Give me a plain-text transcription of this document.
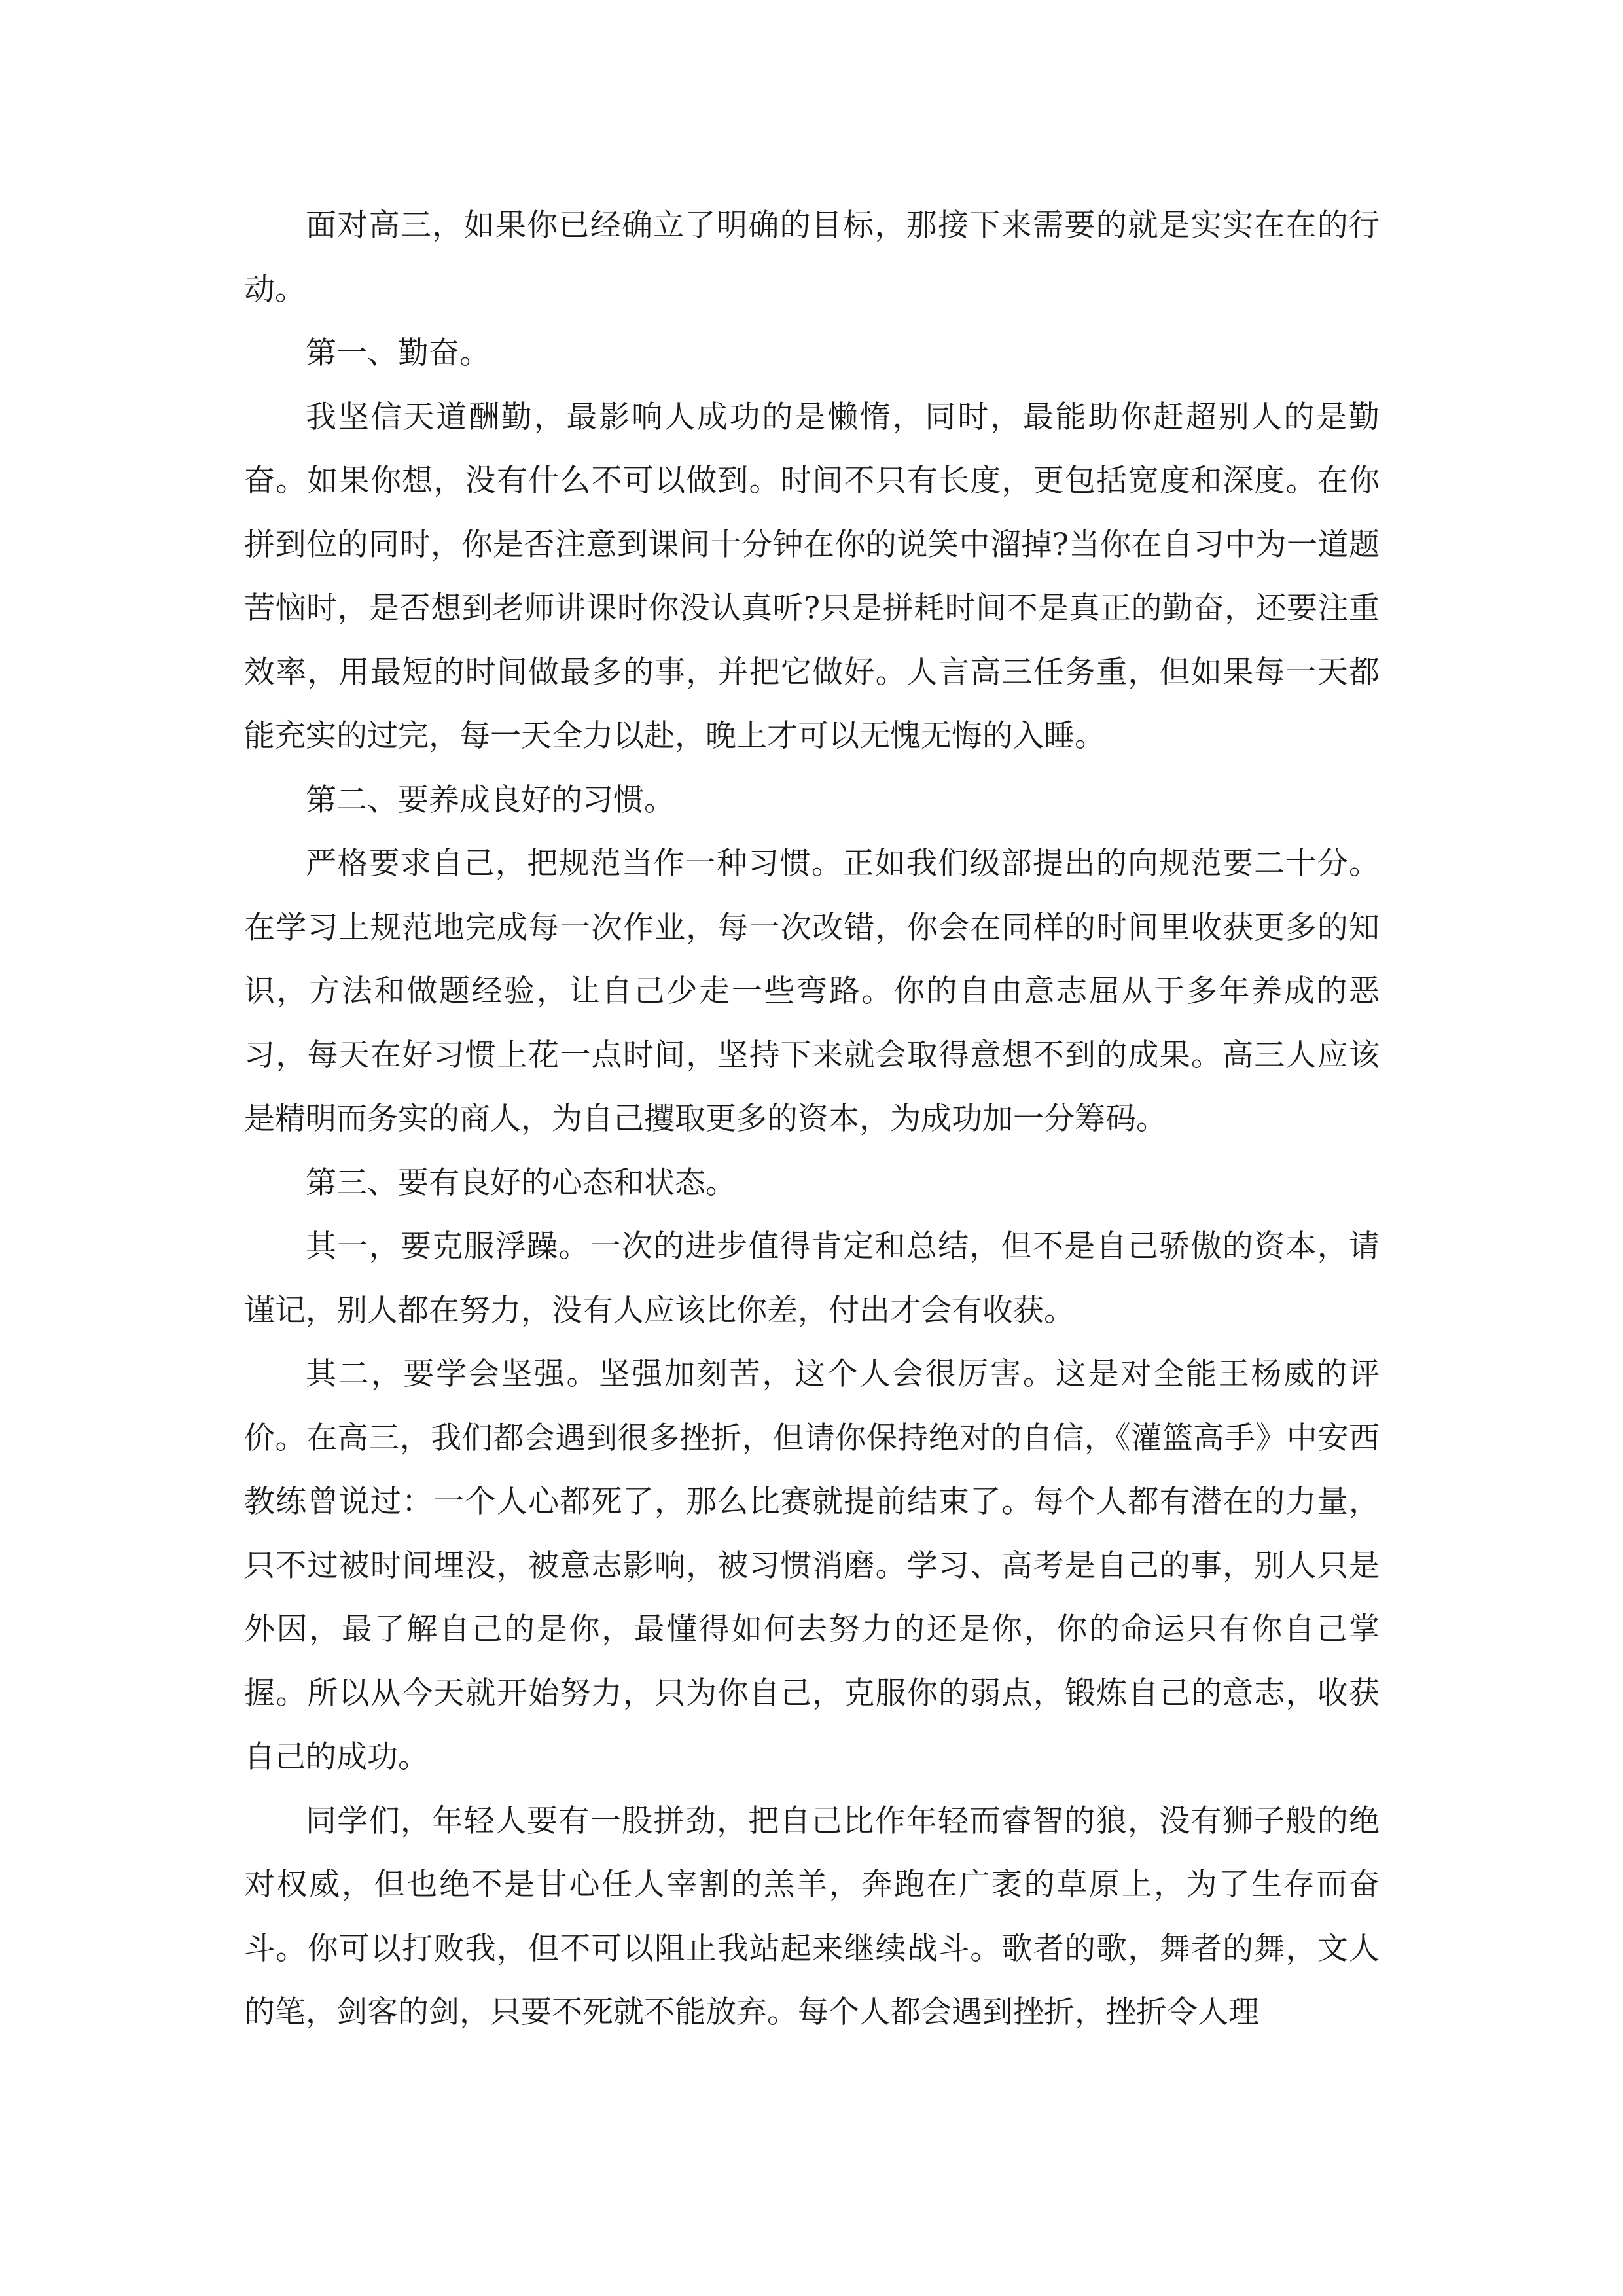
面对高三，如果你已经确立了明确的目标，那接下来需要的就是实实在在的行动。

第一、勤奋。

我坚信天道酬勤，最影响人成功的是懒惰，同时，最能助你赶超别人的是勤奋。如果你想，没有什么不可以做到。时间不只有长度，更包括宽度和深度。在你拼到位的同时，你是否注意到课间十分钟在你的说笑中溜掉?当你在自习中为一道题苦恼时，是否想到老师讲课时你没认真听?只是拼耗时间不是真正的勤奋，还要注重效率，用最短的时间做最多的事，并把它做好。人言高三任务重，但如果每一天都能充实的过完，每一天全力以赴，晚上才可以无愧无悔的入睡。

第二、要养成良好的习惯。

严格要求自己，把规范当作一种习惯。正如我们级部提出的向规范要二十分。在学习上规范地完成每一次作业，每一次改错，你会在同样的时间里收获更多的知识，方法和做题经验，让自己少走一些弯路。你的自由意志屈从于多年养成的恶习，每天在好习惯上花一点时间，坚持下来就会取得意想不到的成果。高三人应该是精明而务实的商人，为自己攫取更多的资本，为成功加一分筹码。

第三、要有良好的心态和状态。

其一，要克服浮躁。一次的进步值得肯定和总结，但不是自己骄傲的资本，请谨记，别人都在努力，没有人应该比你差，付出才会有收获。

其二，要学会坚强。坚强加刻苦，这个人会很厉害。这是对全能王杨威的评价。在高三，我们都会遇到很多挫折，但请你保持绝对的自信，《灌篮高手》中安西教练曾说过：一个人心都死了，那么比赛就提前结束了。每个人都有潜在的力量，只不过被时间埋没，被意志影响，被习惯消磨。学习、高考是自己的事，别人只是外因，最了解自己的是你，最懂得如何去努力的还是你，你的命运只有你自己掌握。所以从今天就开始努力，只为你自己，克服你的弱点，锻炼自己的意志，收获自己的成功。

同学们，年轻人要有一股拼劲，把自己比作年轻而睿智的狼，没有狮子般的绝对权威，但也绝不是甘心任人宰割的羔羊，奔跑在广袤的草原上，为了生存而奋斗。你可以打败我，但不可以阻止我站起来继续战斗。歌者的歌，舞者的舞，文人的笔，剑客的剑，只要不死就不能放弃。每个人都会遇到挫折，挫折令人理
